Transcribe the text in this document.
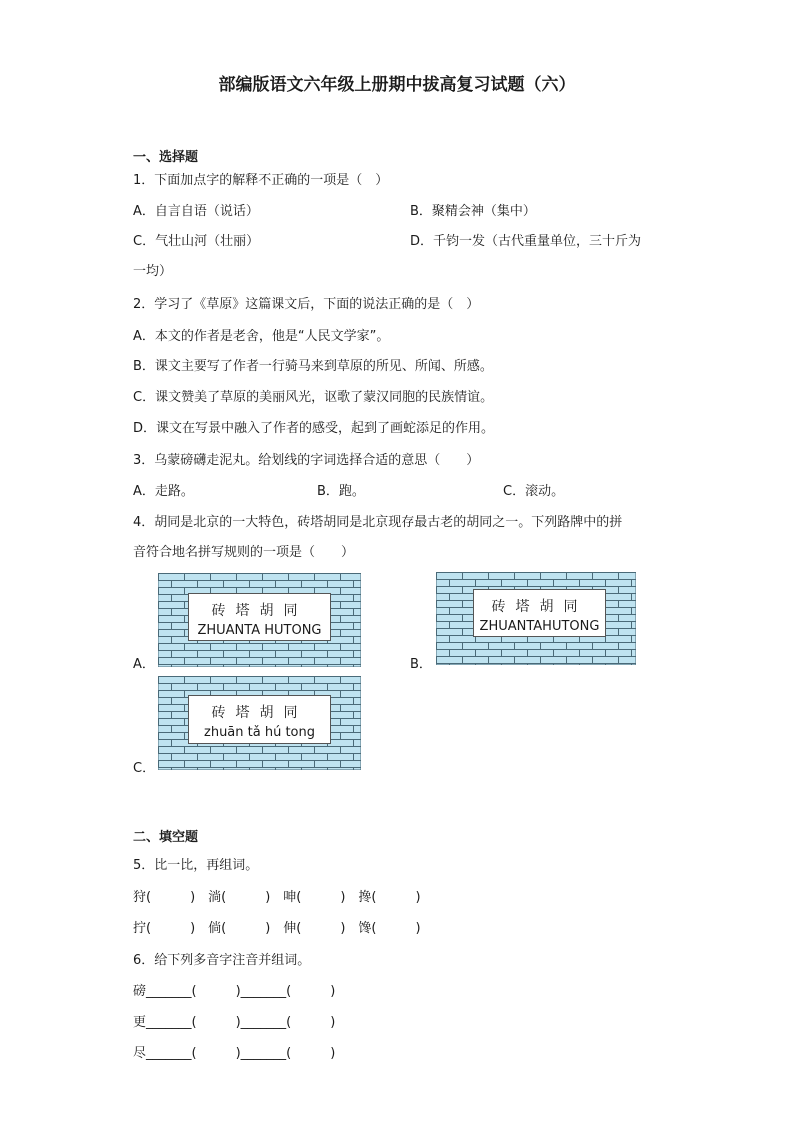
部编版语文六年级上册期中拔高复习试题（六）
一、选择题
1．下面加点字的解释不正确的一项是（　）
A．自言自语（说话）	B．聚精会神（集中）
C．气壮山河（壮丽）	D．千钧一发（古代重量单位，三十斤为
一均）
2．学习了《草原》这篇课文后，下面的说法正确的是（　）
A．本文的作者是老舍，他是“人民文学家”。
B．课文主要写了作者一行骑马来到草原的所见、所闻、所感。
C．课文赞美了草原的美丽风光，讴歌了蒙汉同胞的民族情谊。
D．课文在写景中融入了作者的感受，起到了画蛇添足的作用。
3．乌蒙磅礴走泥丸。给划线的字词选择合适的意思（　　）
A．走路。	B．跑。	C．滚动。
4．胡同是北京的一大特色，砖塔胡同是北京现存最古老的胡同之一。下列路牌中的拼
音符合地名拼写规则的一项是（　　）
A．
砖塔胡同
ZHUANTA HUTONG
B．
砖塔胡同
ZHUANTAHUTONG
C．
砖塔胡同
zhuān tǎ hú tong
二、填空题
5．比一比，再组词。
狩(　　　)　淌(　　　)　呻(　　　)　搀(　　　)
拧(　　　)　倘(　　　)　伸(　　　)　馋(　　　)
6．给下列多音字注音并组词。
磅_______(　　　)_______(　　　)
更_______(　　　)_______(　　　)
尽_______(　　　)_______(　　　)
